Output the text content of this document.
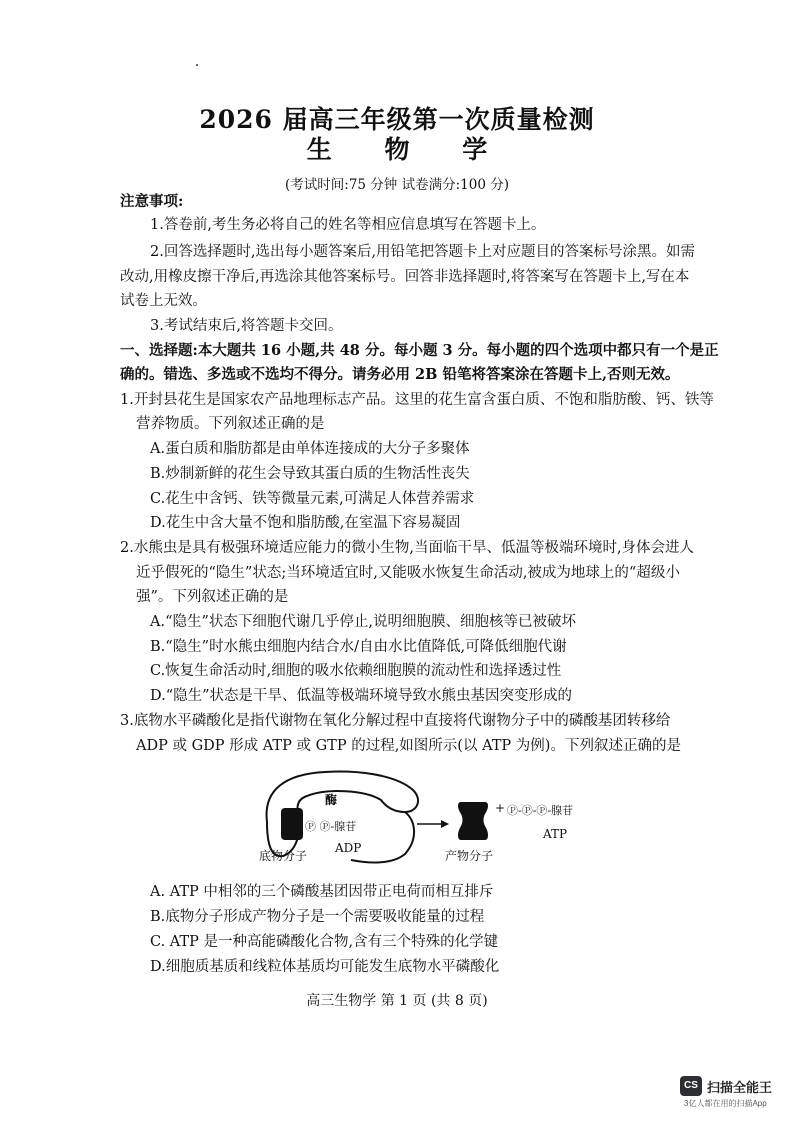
2026 届高三年级第一次质量检测
生 物 学
(考试时间:75 分钟 试卷满分:100 分)
注意事项:
1.答卷前,考生务必将自己的姓名等相应信息填写在答题卡上。
2.回答选择题时,选出每小题答案后,用铅笔把答题卡上对应题目的答案标号涂黑。如需
改动,用橡皮擦干净后,再选涂其他答案标号。回答非选择题时,将答案写在答题卡上,写在本
试卷上无效。
3.考试结束后,将答题卡交回。
一、选择题:本大题共 16 小题,共 48 分。每小题 3 分。每小题的四个选项中都只有一个是正
确的。错选、多选或不选均不得分。请务必用 2B 铅笔将答案涂在答题卡上,否则无效。
1.开封县花生是国家农产品地理标志产品。这里的花生富含蛋白质、不饱和脂肪酸、钙、铁等
营养物质。下列叙述正确的是
A.蛋白质和脂肪都是由单体连接成的大分子多聚体
B.炒制新鲜的花生会导致其蛋白质的生物活性丧失
C.花生中含钙、铁等微量元素,可满足人体营养需求
D.花生中含大量不饱和脂肪酸,在室温下容易凝固
2.水熊虫是具有极强环境适应能力的微小生物,当面临干旱、低温等极端环境时,身体会进人
近乎假死的“隐生”状态;当环境适宜时,又能吸水恢复生命活动,被成为地球上的“超级小
强”。下列叙述正确的是
A.“隐生”状态下细胞代谢几乎停止,说明细胞膜、细胞核等已被破坏
B.“隐生”时水熊虫细胞内结合水/自由水比值降低,可降低细胞代谢
C.恢复生命活动时,细胞的吸水依赖细胞膜的流动性和选择透过性
D.“隐生”状态是干旱、低温等极端环境导致水熊虫基因突变形成的
3.底物水平磷酸化是指代谢物在氧化分解过程中直接将代谢物分子中的磷酸基团转移给
ADP 或 GDP 形成 ATP 或 GTP 的过程,如图所示(以 ATP 为例)。下列叙述正确的是
酶
Ⓟ Ⓟ-腺苷
底物分子
ADP
产物分子
+ Ⓟ-Ⓟ-Ⓟ-腺苷
ATP
A. ATP 中相邻的三个磷酸基团因带正电荷而相互排斥
B.底物分子形成产物分子是一个需要吸收能量的过程
C. ATP 是一种高能磷酸化合物,含有三个特殊的化学键
D.细胞质基质和线粒体基质均可能发生底物水平磷酸化
高三生物学 第 1 页 (共 8 页)
CS 扫描全能王
3亿人都在用的扫描App
